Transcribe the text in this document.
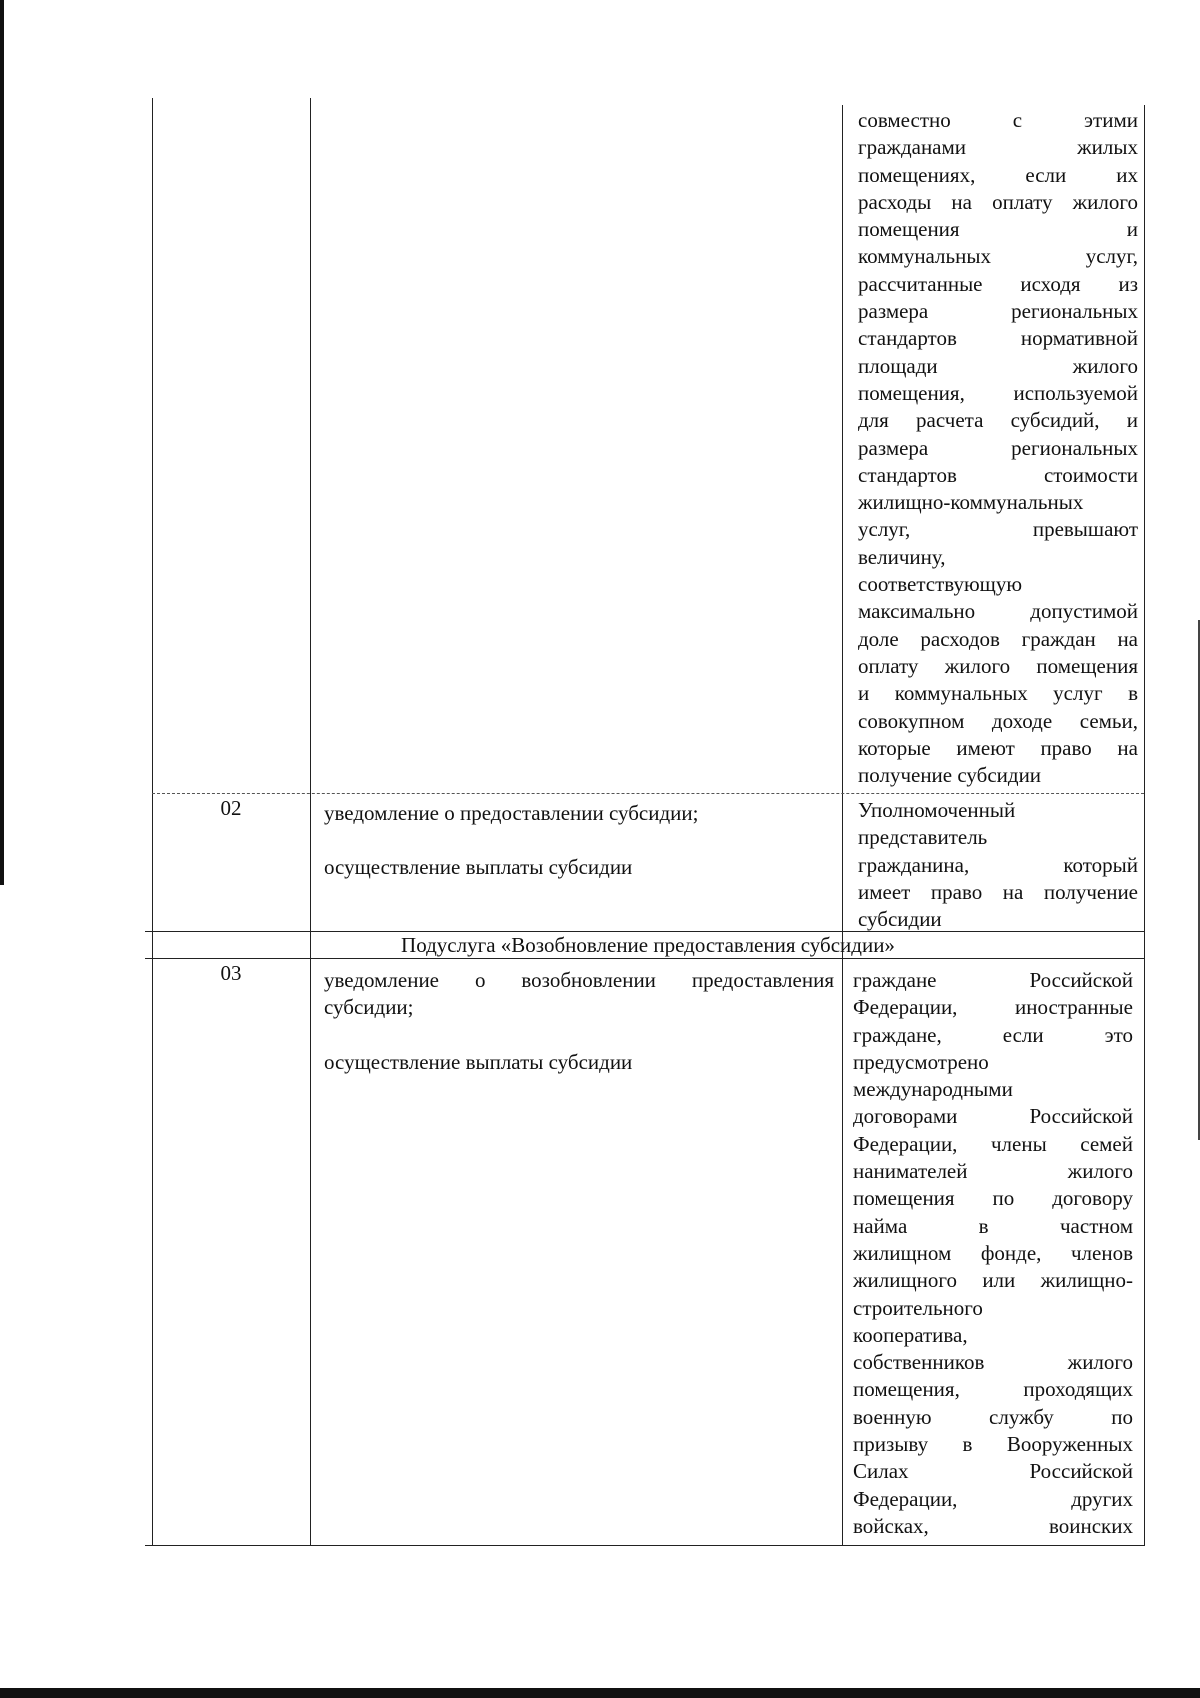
совместно с этими
гражданами жилых
помещениях, если их
расходы на оплату жилого
помещения и
коммунальных услуг,
рассчитанные исходя из
размера региональных
стандартов нормативной
площади жилого
помещения, используемой
для расчета субсидий, и
размера региональных
стандартов стоимости
жилищно-коммунальных
услуг, превышают
величину,
соответствующую
максимально допустимой
доле расходов граждан на
оплату жилого помещения
и коммунальных услуг в
совокупном доходе семьи,
которые имеют право на
получение субсидии
02	уведомление о предоставлении субсидии;

осуществление выплаты субсидии

Уполномоченный
представитель
гражданина, который
имеет право на получение
субсидии
Подуслуга «Возобновление предоставления субсидии»
03	уведомление о возобновлении предоставления
субсидии;
осуществление выплаты субсидии
граждане Российской
Федерации, иностранные
граждане, если это
предусмотрено
международными
договорами Российской
Федерации, члены семей
нанимателей жилого
помещения по договору
найма в частном
жилищном фонде, членов
жилищного или жилищно-
строительного
кооператива,
собственников жилого
помещения, проходящих
военную службу по
призыву в Вооруженных
Силах Российской
Федерации, других
войсках, воинских
